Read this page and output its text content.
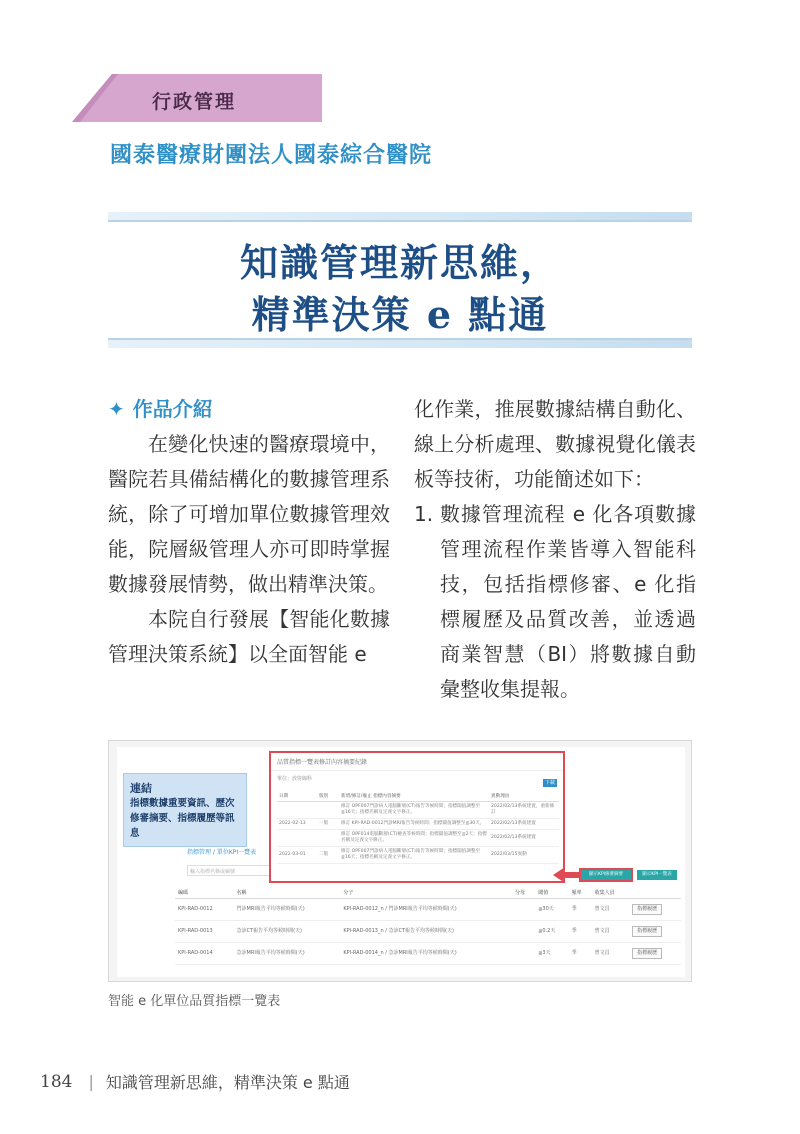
行政管理
國泰醫療財團法人國泰綜合醫院
知識管理新思維，
精準決策 e 點通
✦ 作品介紹

在變化快速的醫療環境中，醫院若具備結構化的數據管理系統，除了可增加單位數據管理效能，院層級管理人亦可即時掌握數據發展情勢，做出精準決策。

本院自行發展【智能化數據管理決策系統】以全面智能 e

化作業，推展數據結構自動化、線上分析處理、數據視覺化儀表板等技術，功能簡述如下：

1. 數據管理流程 e 化各項數據管理流程作業皆導入智能科技，包括指標修審、e 化指標履歷及品質改善，並透過商業智慧（BI）將數據自動彙整收集提報。
指標管理 / 單位KPI一覽表
輸入指標名稱或編號
編碼	名稱	分子	分母	閾值	頻率	收集人員	
KPI-RAD-0012	門診MRI報告平均等候時間(天)	KPI-RAD-0012_n / 門診MRI報告平均等候時間(天)		≦30天	季	曾文昌	指標履歷
KPI-RAD-0013	急診CT報告平均等候時間(天)	KPI-RAD-0013_n / 急診CT報告平均等候時間(天)		≦0.2天	季	曾文昌	指標履歷
KPI-RAD-0014	急診MRI報告平均等候時間(天)	KPI-RAD-0014_n / 急診MRI報告平均等候時間(天)		≦3天	季	曾文昌	指標履歷
連結
指標數據重要資訊、歷次
修審摘要、指標履歷等訊息
品質指標一覽表修訂內容摘要紀錄
單位：放射線科
下載
日期	版別	新增/修訂/廢止 指標內容摘要	異動理由
		修訂 OPF007門診病人電腦斷層(CT)報告等候時間；指標閾值調整至≦16天；指標名稱及定義文字修正。	2022/02/13系統建置，重新修訂
2022-02-13	一版	修訂 KPI-RAD-0012門診MRI報告等候時間；指標閾值調整至≦30天。	2022/02/13系統建置
		修訂 OPF014電腦斷層(CT)檢查等候時間；指標閾值調整至≦2天；指標名稱及定義文字修正。	2022/02/13系統建置
2022-03-01	二版	修訂 OPF007門診病人電腦斷層(CT)報告等候時間；指標閾值調整至≦16天；指標名稱及定義文字修正。	2022/03/15異動
顯示KPI修審摘要	顯示KPI一覽表
智能 e 化單位品質指標一覽表
184 | 知識管理新思維，精準決策 e 點通
